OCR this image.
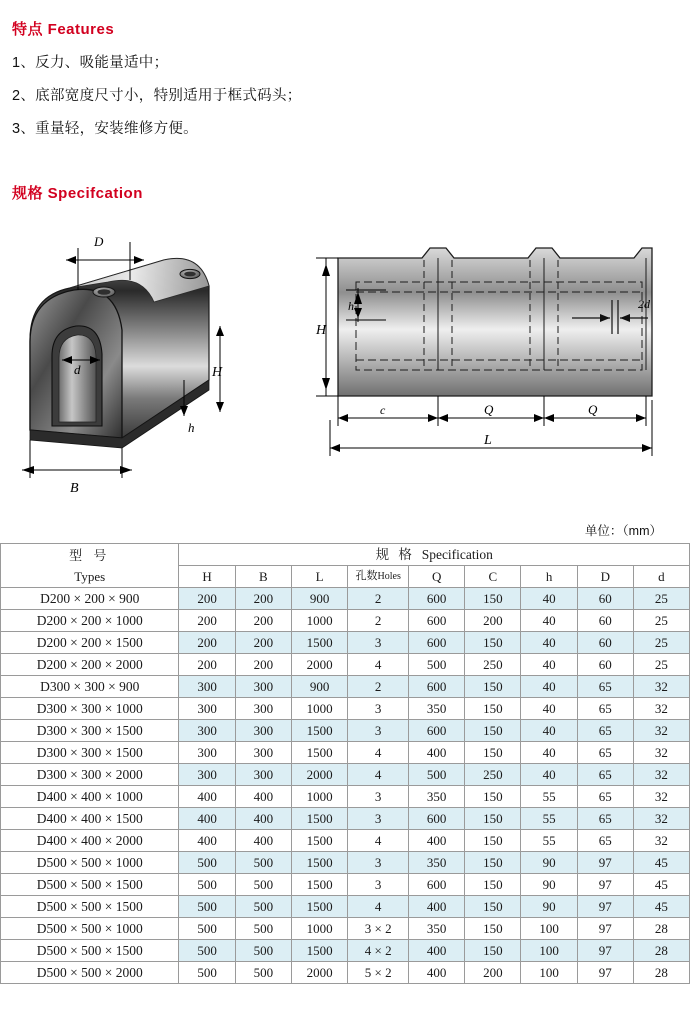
特点 Features
1、反力、吸能量适中；
2、底部宽度尺寸小，特别适用于框式码头；
3、重量轻，安装维修方便。
规格 Specifcation
D
d	H
h
B
2d
H
h
c	Q	Q
L
单位：（mm）
型 号
Types	规 格 Specification								
	H	B	L	孔数Holes	Q	C	h	D	d
D200 × 200 × 900	200	200	900	2	600	150	40	60	25
D200 × 200 × 1000	200	200	1000	2	600	200	40	60	25
D200 × 200 × 1500	200	200	1500	3	600	150	40	60	25
D200 × 200 × 2000	200	200	2000	4	500	250	40	60	25
D300 × 300 × 900	300	300	900	2	600	150	40	65	32
D300 × 300 × 1000	300	300	1000	3	350	150	40	65	32
D300 × 300 × 1500	300	300	1500	3	600	150	40	65	32
D300 × 300 × 1500	300	300	1500	4	400	150	40	65	32
D300 × 300 × 2000	300	300	2000	4	500	250	40	65	32
D400 × 400 × 1000	400	400	1000	3	350	150	55	65	32
D400 × 400 × 1500	400	400	1500	3	600	150	55	65	32
D400 × 400 × 2000	400	400	1500	4	400	150	55	65	32
D500 × 500 × 1000	500	500	1500	3	350	150	90	97	45
D500 × 500 × 1500	500	500	1500	3	600	150	90	97	45
D500 × 500 × 1500	500	500	1500	4	400	150	90	97	45
D500 × 500 × 1000	500	500	1000	3 × 2	350	150	100	97	28
D500 × 500 × 1500	500	500	1500	4 × 2	400	150	100	97	28
D500 × 500 × 2000	500	500	2000	5 × 2	400	200	100	97	28
